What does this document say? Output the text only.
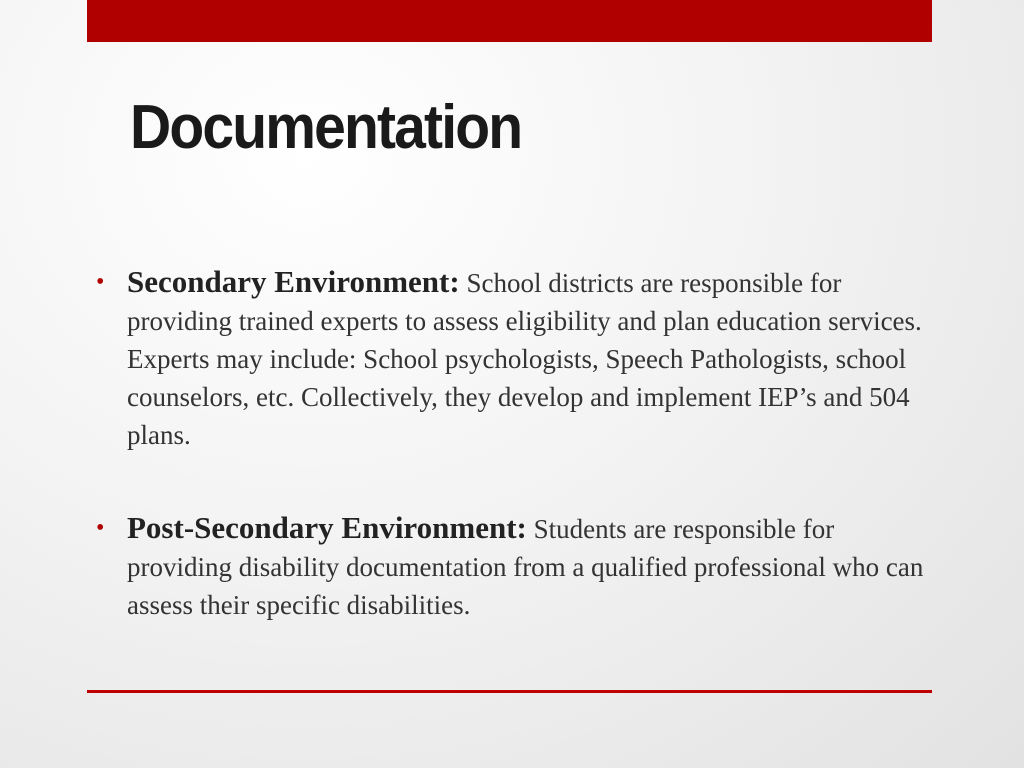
Documentation
• Secondary Environment: School districts are responsible for providing trained experts to assess eligibility and plan education services. Experts may include: School psychologists, Speech Pathologists, school counselors, etc. Collectively, they develop and implement IEP’s and 504 plans.
• Post-Secondary Environment: Students are responsible for providing disability documentation from a qualified professional who can assess their specific disabilities.
